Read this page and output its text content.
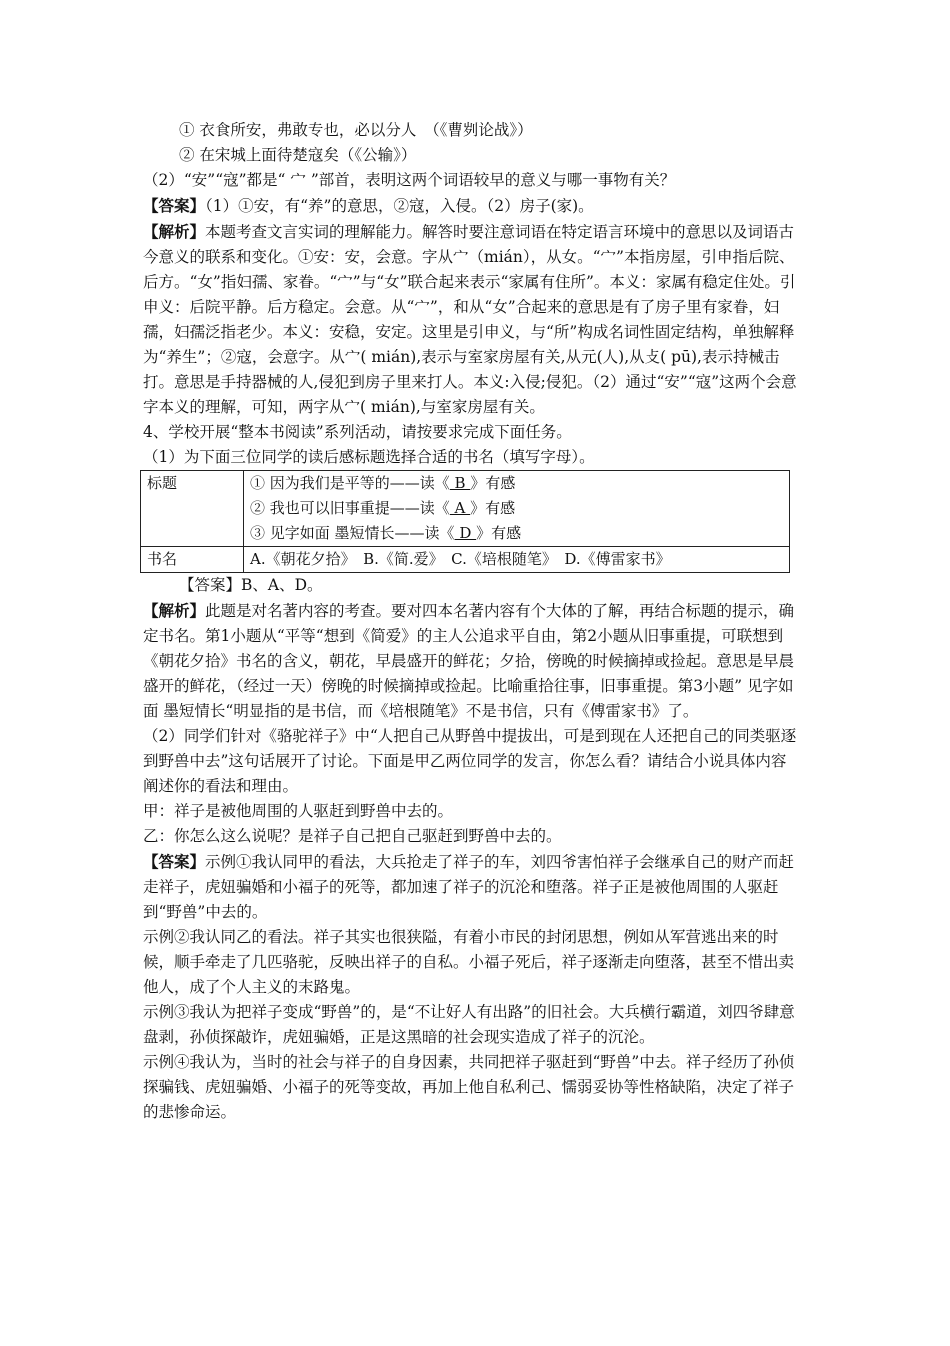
① 衣食所安，弗敢专也，必以分人　（《曹刿论战》）

② 在宋城上面待楚寇矣（《公输》）

（2）“安”“寇”都是“ 宀 ”部首，表明这两个词语较早的意义与哪一事物有关？

【答案】（1）①安，有“养”的意思，②寇，入侵。（2）房子(家)。

【解析】本题考查文言实词的理解能力。解答时要注意词语在特定语言环境中的意思以及词语古今意义的联系和变化。①安：安，会意。字从宀（mián），从女。“宀”本指房屋，引申指后院、后方。“女”指妇孺、家眷。“宀”与“女”联合起来表示“家属有住所”。本义：家属有稳定住处。引申义：后院平静。后方稳定。会意。从“宀”，和从“女”合起来的意思是有了房子里有家眷，妇孺，妇孺泛指老少。本义：安稳，安定。这里是引申义，与“所”构成名词性固定结构，单独解释为“养生”；②寇，会意字。从宀( mián),表示与室家房屋有关,从元(人),从攴( pū),表示持械击打。意思是手持器械的人,侵犯到房子里来打人。本义:入侵;侵犯。（2）通过“安”“寇”这两个会意字本义的理解，可知，两字从宀( mián),与室家房屋有关。

4、学校开展“整本书阅读”系列活动，请按要求完成下面任务。

（1）为下面三位同学的读后感标题选择合适的书名（填写字母）。

标题	① 因为我们是平等的——读《 B 》有感
② 我也可以旧事重提——读《 A 》有感
③ 见字如面 墨短情长——读《 D 》有感

书名	A.《朝花夕拾》　B.《简.爱》　C.《培根随笔》　D.《傅雷家书》

【答案】B、A、D。

【解析】此题是对名著内容的考查。要对四本名著内容有个大体的了解，再结合标题的提示，确定书名。第1小题从“平等“想到《简爱》的主人公追求平自由，第2小题从旧事重提，可联想到《朝花夕拾》书名的含义，朝花，早晨盛开的鲜花；夕拾，傍晚的时候摘掉或捡起。意思是早晨盛开的鲜花，（经过一天）傍晚的时候摘掉或捡起。比喻重拾往事，旧事重提。第3小题” 见字如面 墨短情长“明显指的是书信，而《培根随笔》不是书信，只有《傅雷家书》了。

（2）同学们针对《骆驼祥子》中“人把自己从野兽中提拔出，可是到现在人还把自己的同类驱逐到野兽中去”这句话展开了讨论。下面是甲乙两位同学的发言，你怎么看？请结合小说具体内容阐述你的看法和理由。

甲：祥子是被他周围的人驱赶到野兽中去的。

乙：你怎么这么说呢？是祥子自己把自己驱赶到野兽中去的。

【答案】示例①我认同甲的看法，大兵抢走了祥子的车，刘四爷害怕祥子会继承自己的财产而赶走祥子，虎妞骗婚和小福子的死等，都加速了祥子的沉沦和堕落。祥子正是被他周围的人驱赶到“野兽”中去的。

示例②我认同乙的看法。祥子其实也很狭隘，有着小市民的封闭思想，例如从军营逃出来的时候，顺手牵走了几匹骆驼，反映出祥子的自私。小福子死后，祥子逐渐走向堕落，甚至不惜出卖他人，成了个人主义的末路鬼。

示例③我认为把祥子变成“野兽”的，是“不让好人有出路”的旧社会。大兵横行霸道，刘四爷肆意盘剥，孙侦探敲诈，虎妞骗婚，正是这黑暗的社会现实造成了祥子的沉沦。

示例④我认为，当时的社会与祥子的自身因素，共同把祥子驱赶到“野兽”中去。祥子经历了孙侦探骗钱、虎妞骗婚、小福子的死等变故，再加上他自私利己、懦弱妥协等性格缺陷，决定了祥子的悲惨命运。
